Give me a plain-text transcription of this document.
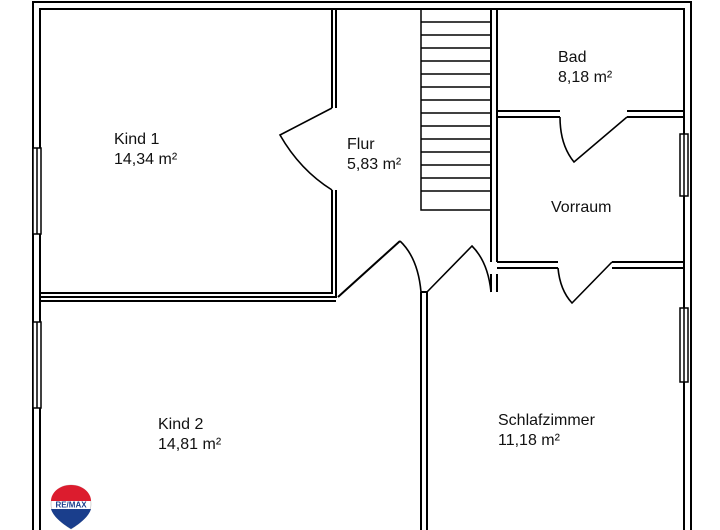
Kind 1
14,34 m²
Flur
5,83 m²
Bad
8,18 m²
Vorraum
Kind 2
14,81 m²
Schlafzimmer
11,18 m²
RE/MAX
